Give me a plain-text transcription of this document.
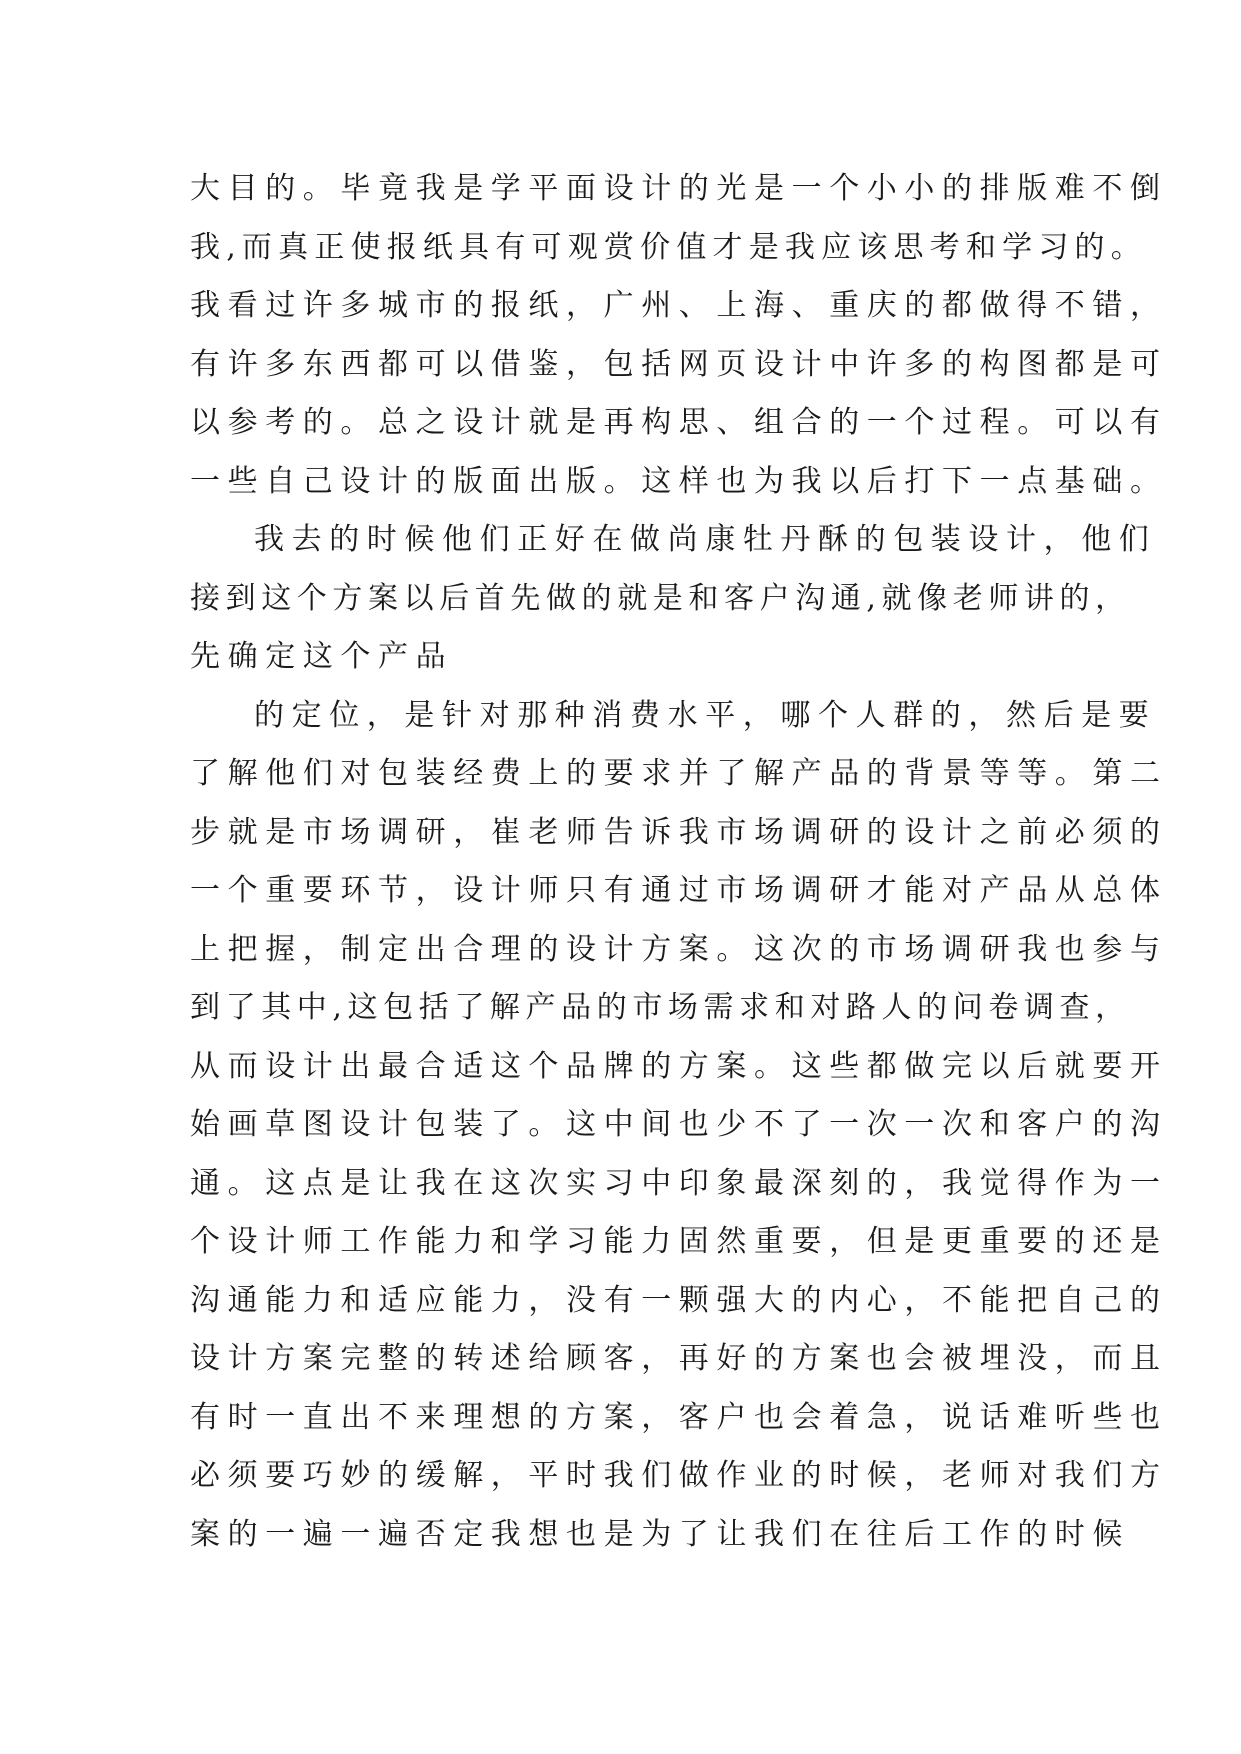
大目的。毕竟我是学平面设计的光是一个小小的排版难不倒
我,而真正使报纸具有可观赏价值才是我应该思考和学习的。
我看过许多城市的报纸，广州、上海、重庆的都做得不错，
有许多东西都可以借鉴，包括网页设计中许多的构图都是可
以参考的。总之设计就是再构思、组合的一个过程。可以有
一些自己设计的版面出版。这样也为我以后打下一点基础。
我去的时候他们正好在做尚康牡丹酥的包装设计，他们
接到这个方案以后首先做的就是和客户沟通,就像老师讲的，
先确定这个产品
的定位，是针对那种消费水平，哪个人群的，然后是要
了解他们对包装经费上的要求并了解产品的背景等等。第二
步就是市场调研，崔老师告诉我市场调研的设计之前必须的
一个重要环节，设计师只有通过市场调研才能对产品从总体
上把握，制定出合理的设计方案。这次的市场调研我也参与
到了其中,这包括了解产品的市场需求和对路人的问卷调查，
从而设计出最合适这个品牌的方案。这些都做完以后就要开
始画草图设计包装了。这中间也少不了一次一次和客户的沟
通。这点是让我在这次实习中印象最深刻的，我觉得作为一
个设计师工作能力和学习能力固然重要，但是更重要的还是
沟通能力和适应能力，没有一颗强大的内心，不能把自己的
设计方案完整的转述给顾客，再好的方案也会被埋没，而且
有时一直出不来理想的方案，客户也会着急，说话难听些也
必须要巧妙的缓解，平时我们做作业的时候，老师对我们方
案的一遍一遍否定我想也是为了让我们在往后工作的时候
